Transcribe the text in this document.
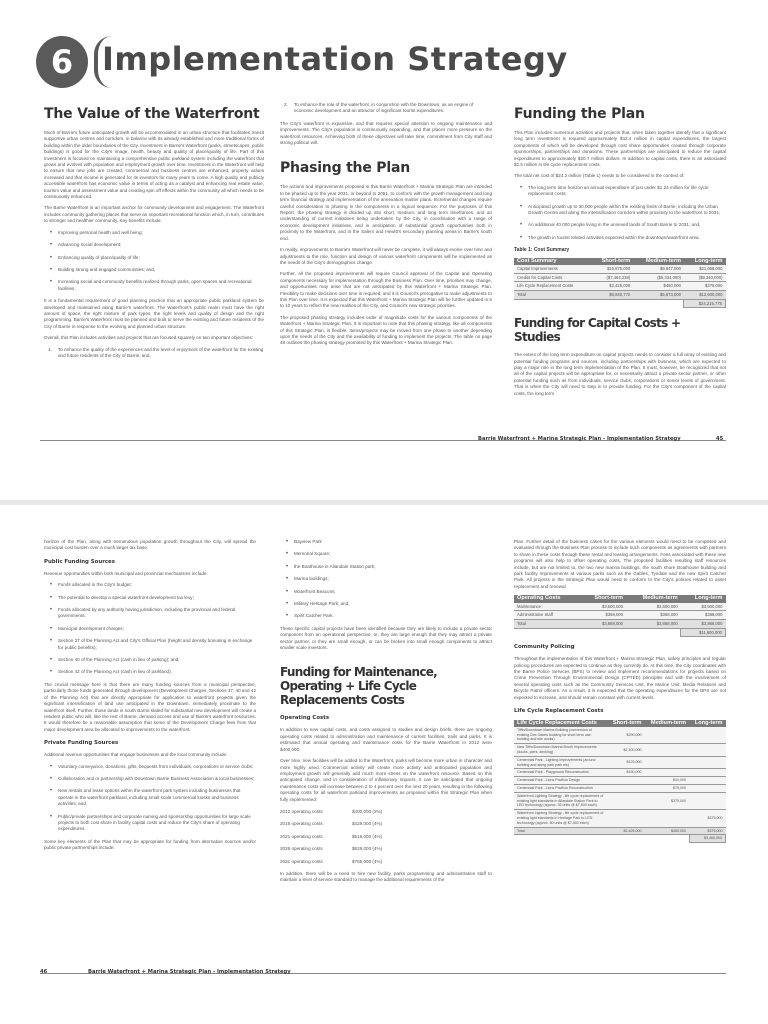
6 Implementation Strategy
The Value of the Waterfront

Much of Barrie's future anticipated growth will be accommodated in an urban structure that facilitates transit supportive urban centres and corridors, in balance with its already established and more traditional forms of building within the older boundaries of the City. Investment in Barrie's Waterfront (parks, streetscapes, public buildings) is good for the City's image, health, beauty and quality of place/quality of life. Part of this investment is focused on maintaining a comprehensive public parkland system including the waterfront that grows and evolves with population and employment growth over time. Investment in the Waterfront will help to ensure that new jobs are created, commercial and business centres are enhanced, property values increased and that income is generated for its investors for many years to come. A high quality and publicly accessible waterfront has economic value in terms of acting as a catalyst and enhancing real estate value, tourism value and assessment value and creating spin off effects within the community all which needs to be continuously enhanced.

The Barrie Waterfront is an important anchor for community development and engagement. The Waterfront includes community gathering places that serve an important recreational function which, in turn, contributes to stronger and healthier community. Key benefits include:

• Improving personal health and well being;
• Advancing social development;
• Enhancing quality of place/quality of life;
• Building strong and engaged communities; and,
• Increasing social and community benefits realized through parks, open spaces and recreational facilities.

It is a fundamental requirement of good planning practice that an appropriate public parkland system be developed and maintained along Barrie's waterfront. The Waterfront's public realm must have the right amount of space, the right mixture of park types, the right levels and quality of design and the right programming. Barrie's Waterfront must be planned and built to serve the existing and future residents of the City of Barrie in response to the evolving and planned urban structure.

Overall, this Plan includes activities and projects that are focused squarely on two important objectives:

1. To enhance the quality of the experiences and the level of enjoyment of the waterfront for the existing and future residents of the City of Barrie; and,
2. To enhance the role of the waterfront, in conjunction with the Downtown, as an engine of economic development and an attractor of significant tourist expenditures.

The City's waterfront is expansive, and that requires special attention to ongoing maintenance and improvements. The City's population is continuously expanding, and that places more pressure on the waterfront resources. Achieving both of these objectives will take time, commitment from City staff and strong political will.

Phasing the Plan

The actions and improvements proposed in this Barrie Waterfront + Marina Strategic Plan are intended to be phased up to the year 2031, or beyond to 2051, to conform with the growth management and long term financial strategy and implementation of the annexation master plans. Incremental changes require careful consideration to phasing in the components in a logical sequence. For the purposes of this Report, the phasing strategy is divided up into short, medium, and long term timeframes, and an understanding of current initiatives being undertaken by the City, in coordination with a range of economic development initiatives, and in anticipation of substantial growth opportunities both in proximity to the Waterfront, and in the Salem and Hewitt's secondary planning areas in Barrie's south end.

In reality, improvements to Barrie's Waterfront will never be complete, it will always evolve over time and adjustments to the role, function and design of various waterfront components will be implemented as the needs of the City's demographics change.

Further, all the proposed improvements will require Council approval of the Capital and Operating components necessary for implementation through the Business Plan. Over time, priorities may change, and opportunities may arise that are not anticipated by this Waterfront + Marina Strategic Plan. Flexibility to make decisions over time is required, and it is Council's prerogative to make adjustments to this Plan over time. It is expected that this Waterfront + Marina Strategic Plan will be further updated in 5 to 10 years to reflect the new realities of the City, and Council's new strategic priorities.

The proposed phasing strategy includes order of magnitude costs for the various components of the Waterfront + Marina Strategic Plan. It is important to note that this phasing strategy, like all components of this Strategic Plan, is flexible. Items/projects may be moved from one phase to another depending upon the needs of the City and the availability of funding to implement the projects. The table on page 48 outlines the phasing strategy promoted by this Waterfront + Marina Strategic Plan.

Funding the Plan

This Plan includes numerous activities and projects that, when taken together identify that a significant long term investment is required approximately $42.4 million in capital expenditures, the largest components of which will be developed through cost share opportunities created through corporate sponsorships, partnerships and donations. These partnerships are anticipated to reduce the capital expenditures to approximately $20.7 million dollars. In addition to capital costs, there is an associated $2.5 million in life cycle replacement costs.

The total net cost of $24.2 million (Table 1) needs to be considered in the context of:

• The long term time horizon an annual expenditure of just under $1.24 million for life cycle replacement costs;
• Anticipated growth up to 30,000 people within the existing limits of Barrie, including the Urban Growth Centre and along the intensification corridors within proximity to the waterfront to 2031;
• An additional 40,000 people living in the annexed lands of South Barrie to 2031; and,
• The growth in tourist related activities expected within the downtown/waterfront area.
Table 1: Cost Summary
Cost Summary	Short-term	Medium-term	Long-term
Capital Improvements	$15,875,000	$9,847,000	$21,668,000
Credits for Capital Costs	($7,464,238)	($5,334,000)	($9,340,000)
Life Cycle Replacement Costs	$2,425,000	$460,000	$375,000
Total	$6,840,772	$5,673,000	$12,600,000
			$24,215,775
Funding for Capital Costs + Studies

The extent of the long term expenditure on capital projects needs to consider a full array of existing and potential funding programs and sources, including partnerships with business, which are expected to play a major role in the long term implementation of the Plan. It must, however, be recognized that not all of the capital projects will be appropriate for, or necessarily attract a private sector partner, or other potential funding such as from individuals, service clubs, corporations or senior levels of government. That is when the City will need to step in to provide funding. For the City's component of the capital costs, the long term

Barrie Waterfront + Marina Strategic Plan - Implementation Strategy	45

horizon of the Plan, along with tremendous population growth throughout the City, will spread the municipal cost burden over a much larger tax base.

Public Funding Sources

Revenue opportunities within both municipal and provincial mechanisms include:

• Funds allocated in the City's budget;
• The potential to develop a special waterfront development tax levy;
• Funds allocated by any authority having jurisdiction, including the provincial and federal governments;
• Municipal development charges;
• Section 37 of the Planning Act and City's Official Plan (height and density bonusing in exchange for public benefits);
• Section 40 of the Planning Act (cash in lieu of parking); and,
• Section 42 of the Planning Act (cash in lieu of parkland).

The crucial message here is that there are many funding sources from a municipal perspective, particularly those funds generated through development (Development Charges, Sections 37, 40 and 42 of the Planning Act) that are directly appropriate for application to waterfront projects given the significant intensification of land use anticipated in the Downtown, immediately proximate to the waterfront itself. Further, those lands in south Barrie slated for substantial new development will create a resident public who will, like the rest of Barrie, demand access and use of Barrie's waterfront resources. It would therefore be a reasonable assumption that some of the Development Charge fees from that major development area be allocated to improvements to the waterfront.

Private Funding Sources

Additional revenue opportunities that engage businesses and the local community include:

• Voluntary conveyance, donations, gifts, bequests from individuals, corporations or service clubs;
• Collaboration and or partnership with Downtown Barrie Business Association & local businesses;
• New rentals and lease options within the waterfront park system including businesses that operate in the waterfront parkland, including small scale commercial kiosks and business activities; and,
• Public/private partnerships and corporate naming and sponsorship opportunities for large scale projects to both cost share in facility capital costs and reduce the City's share of operating expenditures.

Some key elements of the Plan that may be appropriate for funding from alternative sources and/or public private partnerships include:

• Bayview Park
• Memorial Square;
• the Boathouse in Allandale Station park;
• Marina buildings;
• Waterfront Beacons;
• Military Heritage Park; and,
• Spirit Catcher Park.

These specific capital projects have been identified because they are likely to include a private sector component from an operational perspective, or, they are large enough that they may attract a private sector partner, or they are small enough, or can be broken into small enough components to attract smaller scale investors.

Funding for Maintenance, Operating + Life Cycle Replacements Costs
Operating Costs

In addition to new capital costs, and costs assigned to studies and design briefs, there are ongoing operating costs related to administration and maintenance of current facilities, trails and parks. It is estimated that annual operating and maintenance costs for the Barrie Waterfront in 2012 were $400,000.

Over time, new facilities will be added to the Waterfront, parks will become more urban in character and more highly used. Commercial activity will create more activity and anticipated population and employment growth will generally add much more stress on the waterfront resource. Based on this anticipated change, and in consideration of inflationary impacts, it can be anticipated that ongoing maintenance costs will increase between 2 to 4 percent over the next 20 years, resulting in the following operating costs for all waterfront parkland improvements as proposed within this Strategic Plan when fully implemented:

2012 operating costs	$400,000 (2%)
2016 operating costs	$429,000 (4%)
2021 operating costs	$516,000 (4%)
2026 operating costs	$628,000 (4%)
2031 operating costs	$765,000 (4%)

In addition, there will be a need to hire new facility, parks programming and administration staff to maintain a level of service standard to manage the additional requirements of the

Plan. Further detail of the business cases for the various elements would need to be completed and evaluated through the Business Plan process to include such components as agreements with partners to share in these costs through these rental and leasing arrangements. Fees associated with these new programs will also help to offset operating costs. The proposed facilities resulting staff resources include, but are not limited to, the two new marina buildings, the south shore Boathouse building and park facility improvements at various parks such as the Gables, Tyndale and the new Spirit Catcher Park. All projects in the Strategic Plan would need to conform to the City's policies related to asset replacement and renewal.

Operating Costs	Short-term	Medium-term	Long-term
Maintenance	$3,500,000	$3,500,000	$3,500,000
Administrative Staff	$368,000	$368,000	$368,000
Total	$3,868,000	$3,868,000	$3,868,000
			$11,600,000
Community Policing

Throughout the implementation of this Waterfront + Marina Strategic Plan, safety principles and regular policing procedures are expected to continue as they currently do. At this time, the City coordinates with the Barrie Police Services (BPS) to review and implement recommendations for projects based on Crime Prevention Through Environmental Design (CPTED) principles and with the involvement of several operating units such as the Community Services Unit, the Marine Unit, Media Relations and Bicycle Patrol officers. As a result, it is expected that the operating expenditures for the BPS are not expected to increase, and should remain constant with current levels.

Life Cycle Replacement Costs
Life Cycle Replacement Costs	Short-term	Medium-term	Long-term
Tiffin/Downtown Marina Building (conversion of existing Des Oakes building for short term use: building and site works)	$290,000		
New Tiffin/Downtown Marina Booth Improvements (docks, piers, decking)	$2,100,000		
Centennial Park - Lighting Improvements (around building and along park path etc)	$125,000		
Centennial Park - Playground Reconstruction	$150,000		
Centennial Park - Lions Pavilion Design		$10,000	
Centennial Park - Lions Pavilion Reconstruction		$75,000	
Waterfront Lighting Strategy - life cycle replacement of existing light standards in Allandale Station Park to LED technology (approx. 35 units @ $7,500 each)		$375,000	
Waterfront Lighting Strategy - life cycle replacement of existing light standards in Heritage Park to LED technology (approx. 50 units @ $7,500 each)			$375,000
Total	$2,425,000	$460,000	$375,000
			$3,460,000
46	Barrie Waterfront + Marina Strategic Plan - Implementation Strategy
